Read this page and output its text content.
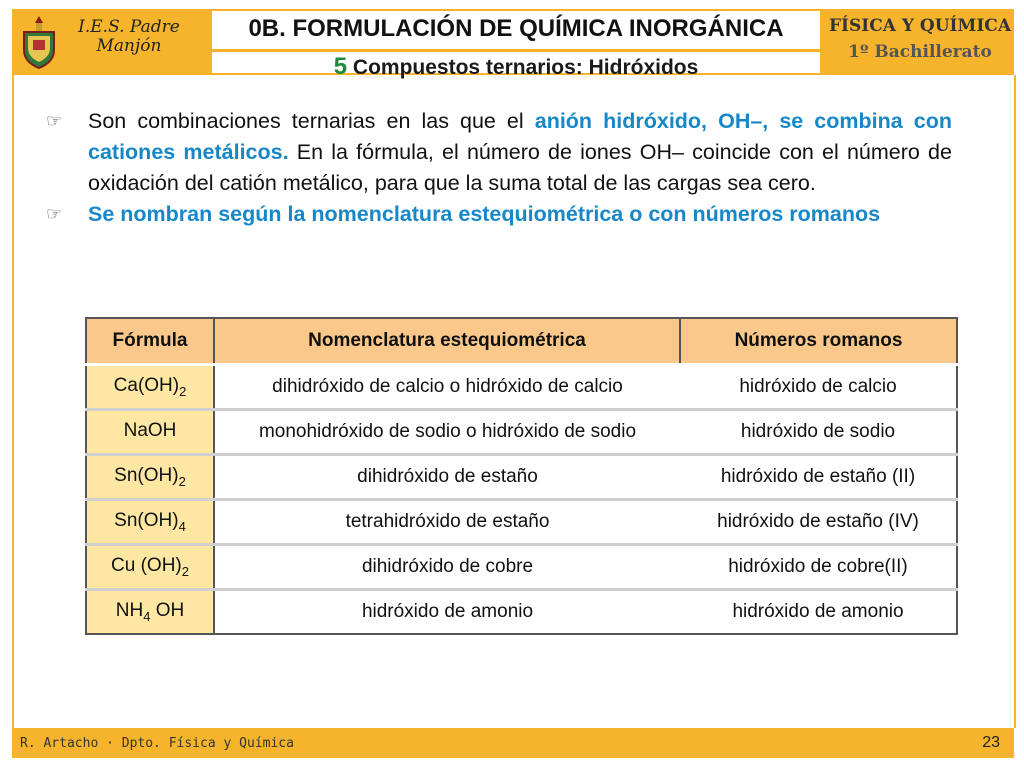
I.E.S. Padre
Manjón
0B. FORMULACIÓN DE QUÍMICA INORGÁNICA
5 Compuestos ternarios: Hidróxidos
FÍSICA Y QUÍMICA
1º Bachillerato
☞ Son combinaciones ternarias en las que el anión hidróxido, OH–, se combina con cationes metálicos. En la fórmula, el número de iones OH– coincide con el número de oxidación del catión metálico, para que la suma total de las cargas sea cero.
☞ Se nombran según la nomenclatura estequiométrica o con números romanos
Fórmula	Nomenclatura estequiométrica	Números romanos
$Ca(OH)_2$	dihidróxido de calcio o hidróxido de calcio	hidróxido de calcio
NaOH	monohidróxido de sodio o hidróxido de sodio	hidróxido de sodio
$Sn(OH)_2$	dihidróxido de estaño	hidróxido de estaño (II)
$Sn(OH)_4$	tetrahidróxido de estaño	hidróxido de estaño (IV)
Cu $(OH)_2$	dihidróxido de cobre	hidróxido de cobre(II)
$NH_4$ OH	hidróxido de amonio	hidróxido de amonio
R. Artacho · Dpto. Física y Química	23
